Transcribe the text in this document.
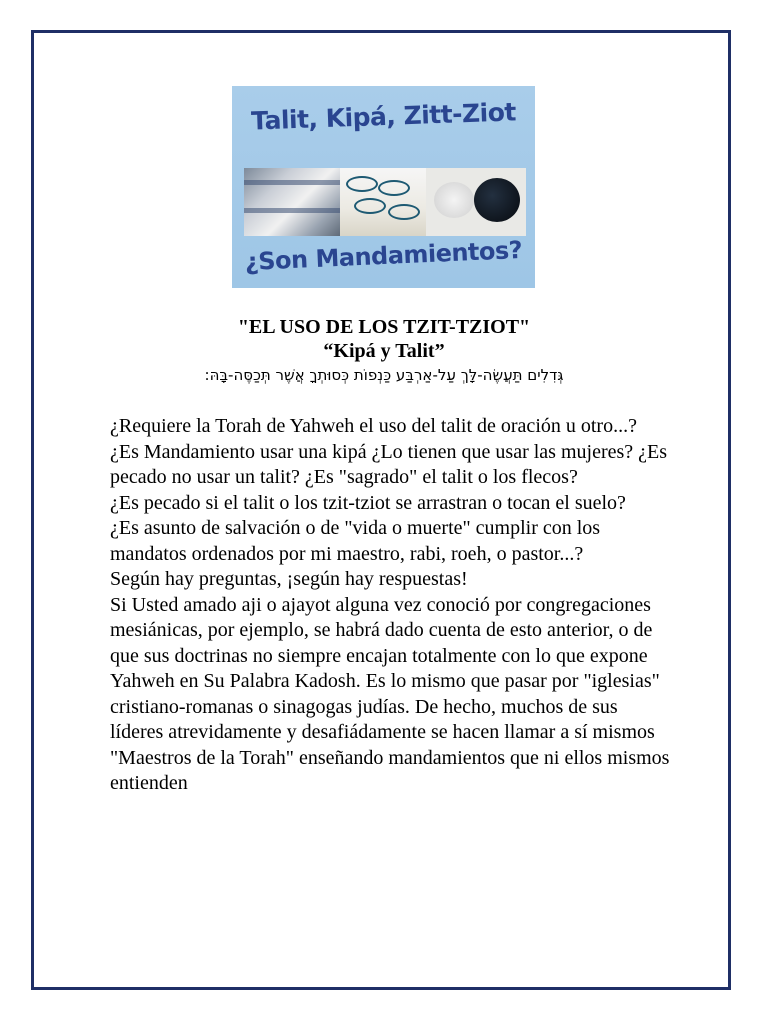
Talit, Kipá, Zitt-Ziot
¿Son Mandamientos?
"EL USO DE LOS TZIT-TZIOT"
“Kipá y Talit”
גְּדִלִים תַּעֲשֶׂה-לָּךְ עַל-אַרְבַּע כַּנְפוֹת כְּסוּתְךָ אֲשֶׁר תְּכַסֶּה-בָּהּ:

¿Requiere la Torah de Yahweh el uso del talit de oración u otro...? ¿Es Mandamiento usar una kipá ¿Lo tienen que usar las mujeres? ¿Es pecado no usar un talit? ¿Es "sagrado" el talit o los flecos?

¿Es pecado si el talit o los tzit-tziot se arrastran o tocan el suelo?

¿Es asunto de salvación o de "vida o muerte" cumplir con los mandatos ordenados por mi maestro, rabi, roeh, o pastor...?

Según hay preguntas, ¡según hay respuestas!

Si Usted amado aji o ajayot alguna vez conoció por congregaciones mesiánicas, por ejemplo, se habrá dado cuenta de esto anterior, o de que sus doctrinas no siempre encajan totalmente con lo que expone Yahweh en Su Palabra Kadosh. Es lo mismo que pasar por "iglesias" cristiano-romanas o sinagogas judías. De hecho, muchos de sus líderes atrevidamente y desafiádamente se hacen llamar a sí mismos "Maestros de la Torah" enseñando mandamientos que ni ellos mismos entienden
